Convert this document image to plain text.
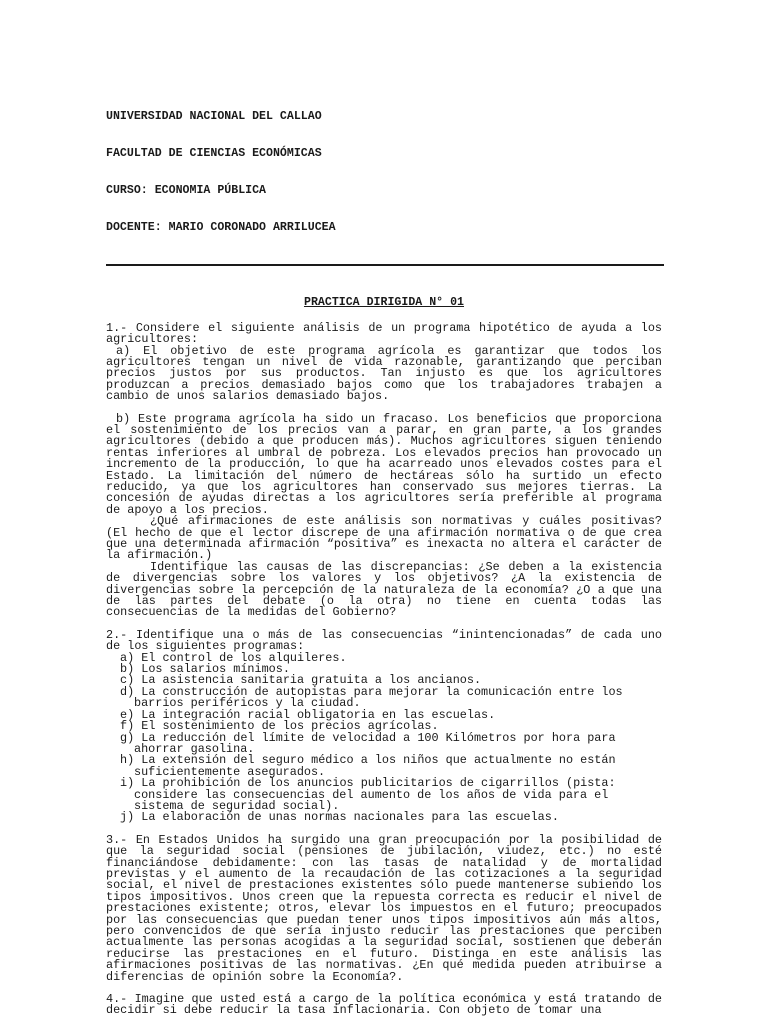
UNIVERSIDAD NACIONAL DEL CALLAO

FACULTAD DE CIENCIAS ECONÓMICAS

CURSO: ECONOMIA PÚBLICA

DOCENTE: MARIO CORONADO ARRILUCEA

PRACTICA DIRIGIDA N° 01

1.- Considere el siguiente análisis de un programa hipotético de ayuda a los agricultores:

a) El objetivo de este programa agrícola es garantizar que todos los agricultores tengan un nivel de vida razonable, garantizando que perciban precios justos por sus productos. Tan injusto es que los agricultores produzcan a precios demasiado bajos como que los trabajadores trabajen a cambio de unos salarios demasiado bajos.

b) Este programa agrícola ha sido un fracaso. Los beneficios que proporciona el sostenimiento de los precios van a parar, en gran parte, a los grandes agricultores (debido a que producen más). Muchos agricultores siguen teniendo rentas inferiores al umbral de pobreza. Los elevados precios han provocado un incremento de la producción, lo que ha acarreado unos elevados costes para el Estado. La limitación del número de hectáreas sólo ha surtido un efecto reducido, ya que los agricultores han conservado sus mejores tierras. La concesión de ayudas directas a los agricultores sería preferible al programa de apoyo a los precios.

¿Qué afirmaciones de este análisis son normativas y cuáles positivas? (El hecho de que el lector discrepe de una afirmación normativa o de que crea que una determinada afirmación “positiva” es inexacta no altera el carácter de la afirmación.)

Identifique las causas de las discrepancias: ¿Se deben a la existencia de divergencias sobre los valores y los objetivos? ¿A la existencia de divergencias sobre la percepción de la naturaleza de la economía? ¿O a que una de las partes del debate (o la otra) no tiene en cuenta todas las consecuencias de la medidas del Gobierno?

2.- Identifique una o más de las consecuencias “inintencionadas” de cada uno de los siguientes programas:

a) El control de los alquileres.

b) Los salarios mínimos.

c) La asistencia sanitaria gratuita a los ancianos.

d) La construcción de autopistas para mejorar la comunicación entre los barrios periféricos y la ciudad.

e) La integración racial obligatoria en las escuelas.

f) El sostenimiento de los precios agrícolas.

g) La reducción del límite de velocidad a 100 Kilómetros por hora para ahorrar gasolina.

h) La extensión del seguro médico a los niños que actualmente no están suficientemente asegurados.

i) La prohibición de los anuncios publicitarios de cigarrillos (pista: considere las consecuencias del aumento de los años de vida para el sistema de seguridad social).

j) La elaboración de unas normas nacionales para las escuelas.

3.- En Estados Unidos ha surgido una gran preocupación por la posibilidad de que la seguridad social (pensiones de jubilación, viudez, etc.) no esté financiándose debidamente: con las tasas de natalidad y de mortalidad previstas y el aumento de la recaudación de las cotizaciones a la seguridad social, el nivel de prestaciones existentes sólo puede mantenerse subiendo los tipos impositivos. Unos creen que la repuesta correcta es reducir el nivel de prestaciones existente; otros, elevar los impuestos en el futuro; preocupados por las consecuencias que puedan tener unos tipos impositivos aún más altos, pero convencidos de que sería injusto reducir las prestaciones que perciben actualmente las personas acogidas a la seguridad social, sostienen que deberán reducirse las prestaciones en el futuro. Distinga en este análisis las afirmaciones positivas de las normativas. ¿En qué medida pueden atribuirse a diferencias de opinión sobre la Economía?.

4.- Imagine que usted está a cargo de la política económica y está tratando de decidir si debe reducir la tasa inflacionaria. Con objeto de tomar una
